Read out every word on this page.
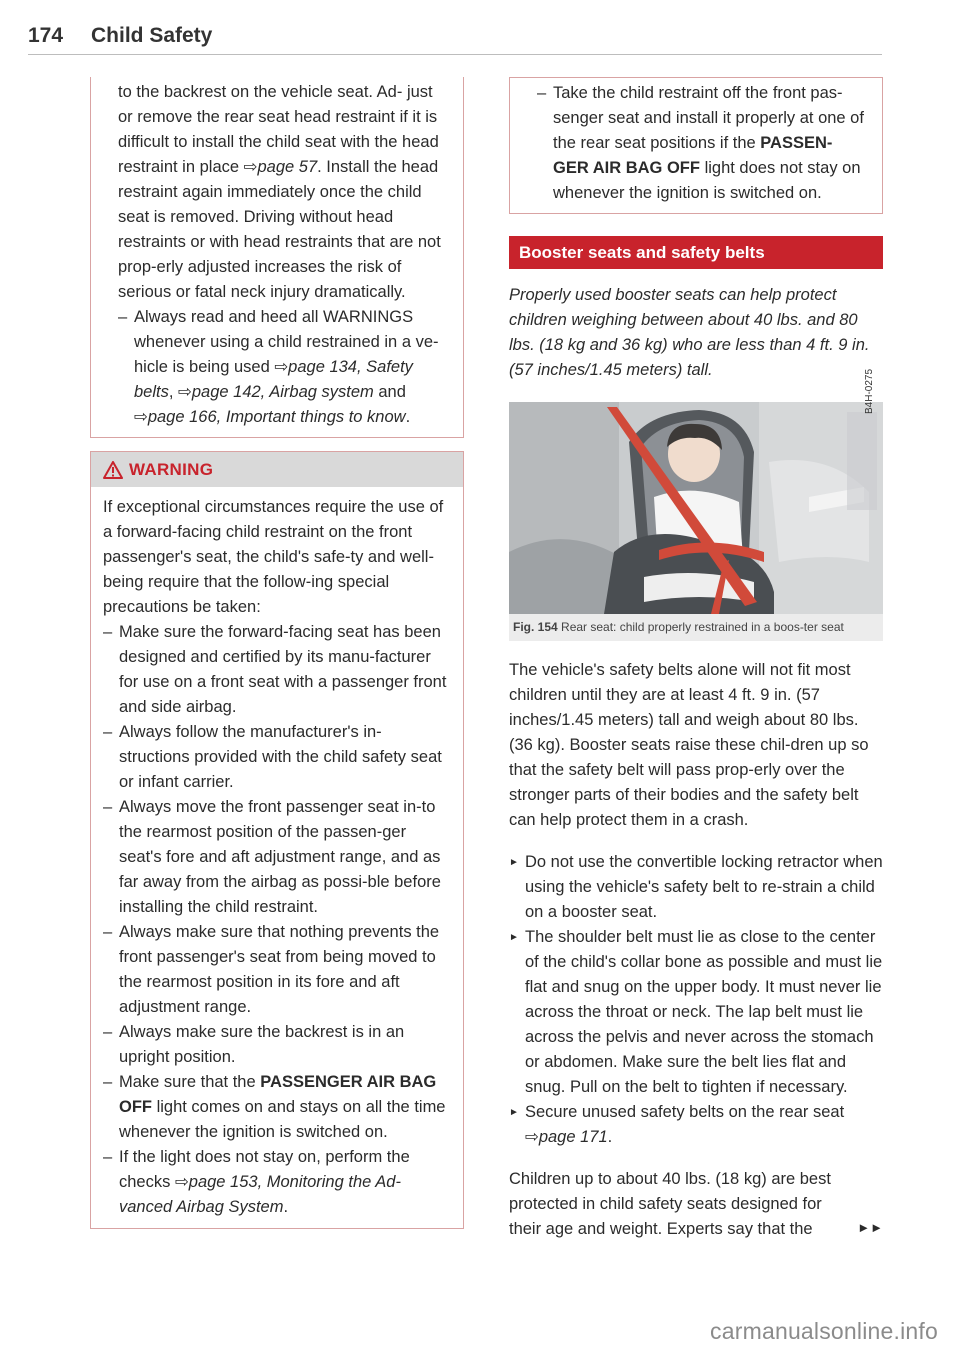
174 Child Safety
to the backrest on the vehicle seat. Ad- just or remove the rear seat head restraint if it is difficult to install the child seat with the head restraint in place ⇨page 57. Install the head restraint again immediately once the child seat is removed. Driving without head restraints or with head restraints that are not prop-erly adjusted increases the risk of serious or fatal neck injury dramatically.
– Always read and heed all WARNINGS whenever using a child restrained in a ve-hicle is being used ⇨page 134, Safety belts, ⇨page 142, Airbag system and ⇨page 166, Important things to know.
WARNING
If exceptional circumstances require the use of a forward-facing child restraint on the front passenger's seat, the child's safe-ty and well-being require that the follow-ing special precautions be taken:
– Make sure the forward-facing seat has been designed and certified by its manu-facturer for use on a front seat with a passenger front and side airbag.
– Always follow the manufacturer's in-structions provided with the child safety seat or infant carrier.
– Always move the front passenger seat in-to the rearmost position of the passen-ger seat's fore and aft adjustment range, and as far away from the airbag as possi-ble before installing the child restraint.
– Always make sure that nothing prevents the front passenger's seat from being moved to the rearmost position in its fore and aft adjustment range.
– Always make sure the backrest is in an upright position.
– Make sure that the PASSENGER AIR BAG OFF light comes on and stays on all the time whenever the ignition is switched on.
– If the light does not stay on, perform the checks ⇨page 153, Monitoring the Ad-vanced Airbag System.
– Take the child restraint off the front pas-senger seat and install it properly at one of the rear seat positions if the PASSEN-GER AIR BAG OFF light does not stay on whenever the ignition is switched on.
Booster seats and safety belts
Properly used booster seats can help protect children weighing between about 40 lbs. and 80 lbs. (18 kg and 36 kg) who are less than 4 ft. 9 in. (57 inches/1.45 meters) tall.	B4H-0275
Fig. 154 Rear seat: child properly restrained in a boos-ter seat
The vehicle's safety belts alone will not fit most children until they are at least 4 ft. 9 in. (57 inches/1.45 meters) tall and weigh about 80 lbs. (36 kg). Booster seats raise these chil-dren up so that the safety belt will pass prop-erly over the stronger parts of their bodies and the safety belt can help protect them in a crash.
► Do not use the convertible locking retractor when using the vehicle's safety belt to re-strain a child on a booster seat.
► The shoulder belt must lie as close to the center of the child's collar bone as possible and must lie flat and snug on the upper body. It must never lie across the throat or neck. The lap belt must lie across the pelvis and never across the stomach or abdomen. Make sure the belt lies flat and snug. Pull on the belt to tighten if necessary.
► Secure unused safety belts on the rear seat ⇨page 171.
Children up to about 40 lbs. (18 kg) are best protected in child safety seats designed for their age and weight. Experts say that the	►►
carmanualsonline.info
